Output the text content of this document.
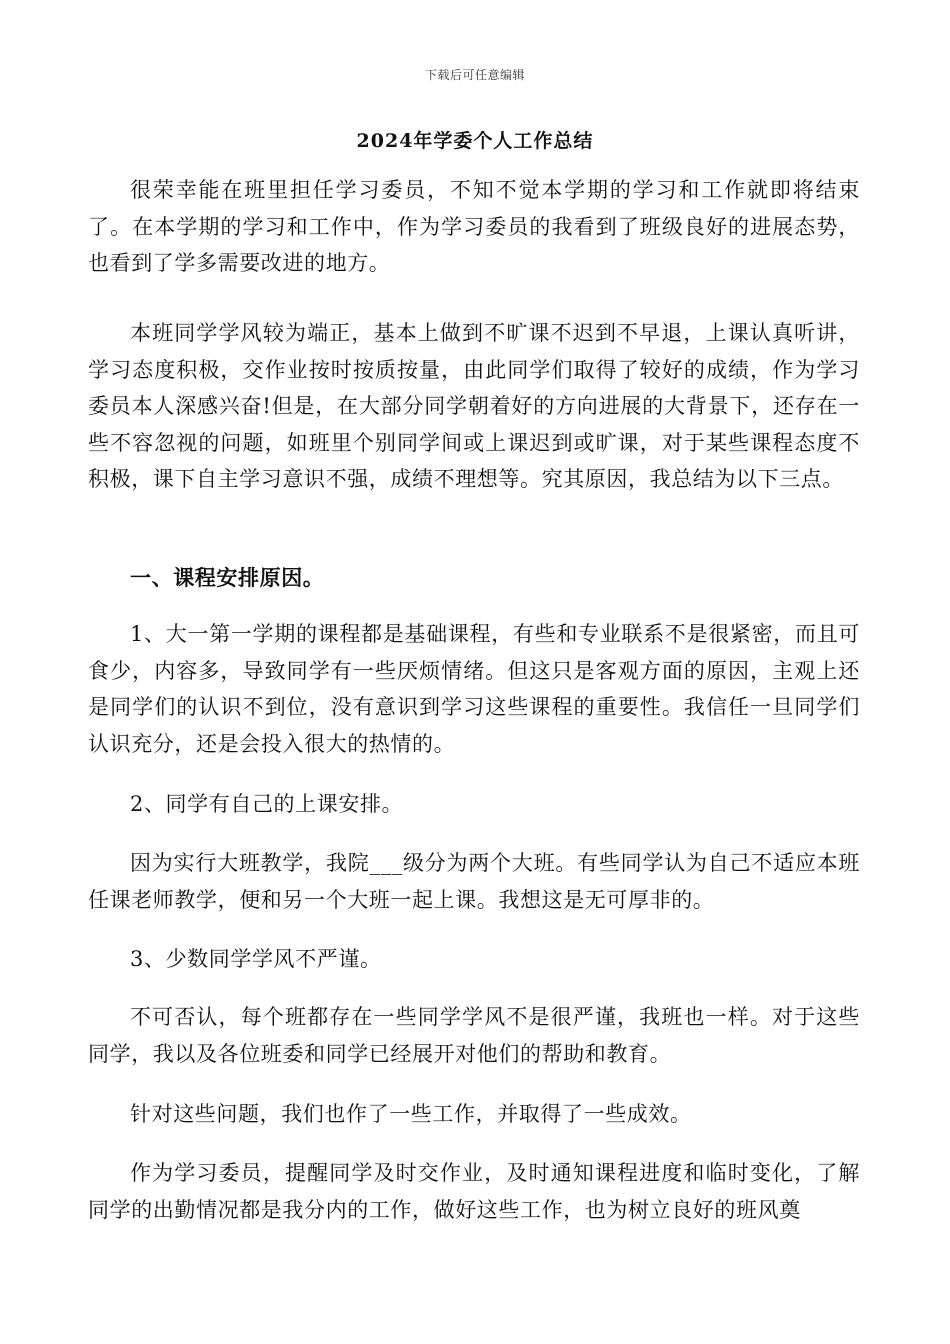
下载后可任意编辑
2024年学委个人工作总结

很荣幸能在班里担任学习委员，不知不觉本学期的学习和工作就即将结束了。在本学期的学习和工作中，作为学习委员的我看到了班级良好的进展态势，也看到了学多需要改进的地方。

本班同学学风较为端正，基本上做到不旷课不迟到不早退，上课认真听讲，学习态度积极，交作业按时按质按量，由此同学们取得了较好的成绩，作为学习委员本人深感兴奋!但是，在大部分同学朝着好的方向进展的大背景下，还存在一些不容忽视的问题，如班里个别同学间或上课迟到或旷课，对于某些课程态度不积极，课下自主学习意识不强，成绩不理想等。究其原因，我总结为以下三点。

一、课程安排原因。

1、大一第一学期的课程都是基础课程，有些和专业联系不是很紧密，而且可食少，内容多，导致同学有一些厌烦情绪。但这只是客观方面的原因，主观上还是同学们的认识不到位，没有意识到学习这些课程的重要性。我信任一旦同学们认识充分，还是会投入很大的热情的。

2、同学有自己的上课安排。

因为实行大班教学，我院___级分为两个大班。有些同学认为自己不适应本班任课老师教学，便和另一个大班一起上课。我想这是无可厚非的。

3、少数同学学风不严谨。

不可否认，每个班都存在一些同学学风不是很严谨，我班也一样。对于这些同学，我以及各位班委和同学已经展开对他们的帮助和教育。

针对这些问题，我们也作了一些工作，并取得了一些成效。

作为学习委员，提醒同学及时交作业，及时通知课程进度和临时变化，了解同学的出勤情况都是我分内的工作，做好这些工作，也为树立良好的班风奠
